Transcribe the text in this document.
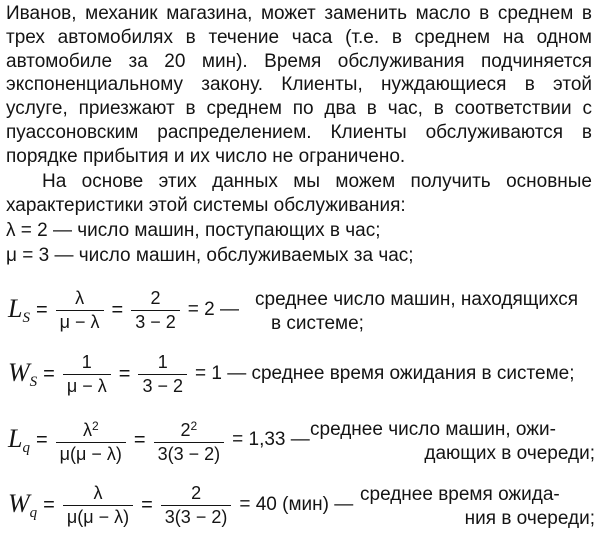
Иванов, механик магазина, может заменить масло в среднем в трех автомобилях в течение часа (т.е. в среднем на одном автомобиле за 20 мин). Время обслуживания подчиняется экспоненциальному закону. Клиенты, нуждающиеся в этой услуге, приезжают в среднем по два в час, в соответствии с пуассоновским распределением. Клиенты обслуживаются в порядке прибытия и их число не ограничено.
На основе этих данных мы можем получить основные характеристики этой системы обслуживания:
λ = 2 — число машин, поступающих в час;
μ = 3 — число машин, обслуживаемых за час;
$L_S = \frac{\lambda}{\mu - \lambda} = \frac{2}{3 - 2} = 2$ — среднее число машин, находящихся
в системе;
$W_S = \frac{1}{\mu - \lambda} = \frac{1}{3 - 2} = 1$ — среднее время ожидания в системе;
$L_q = \frac{\lambda^2}{\mu(\mu - \lambda)} = \frac{2^2}{3(3 - 2)} = 1,33$ — среднее число машин, ожи-
дающих в очереди;
$W_q = \frac{\lambda}{\mu(\mu - \lambda)} = \frac{2}{3(3 - 2)} = 40$ (мин) — среднее время ожида-
ния в очереди;
